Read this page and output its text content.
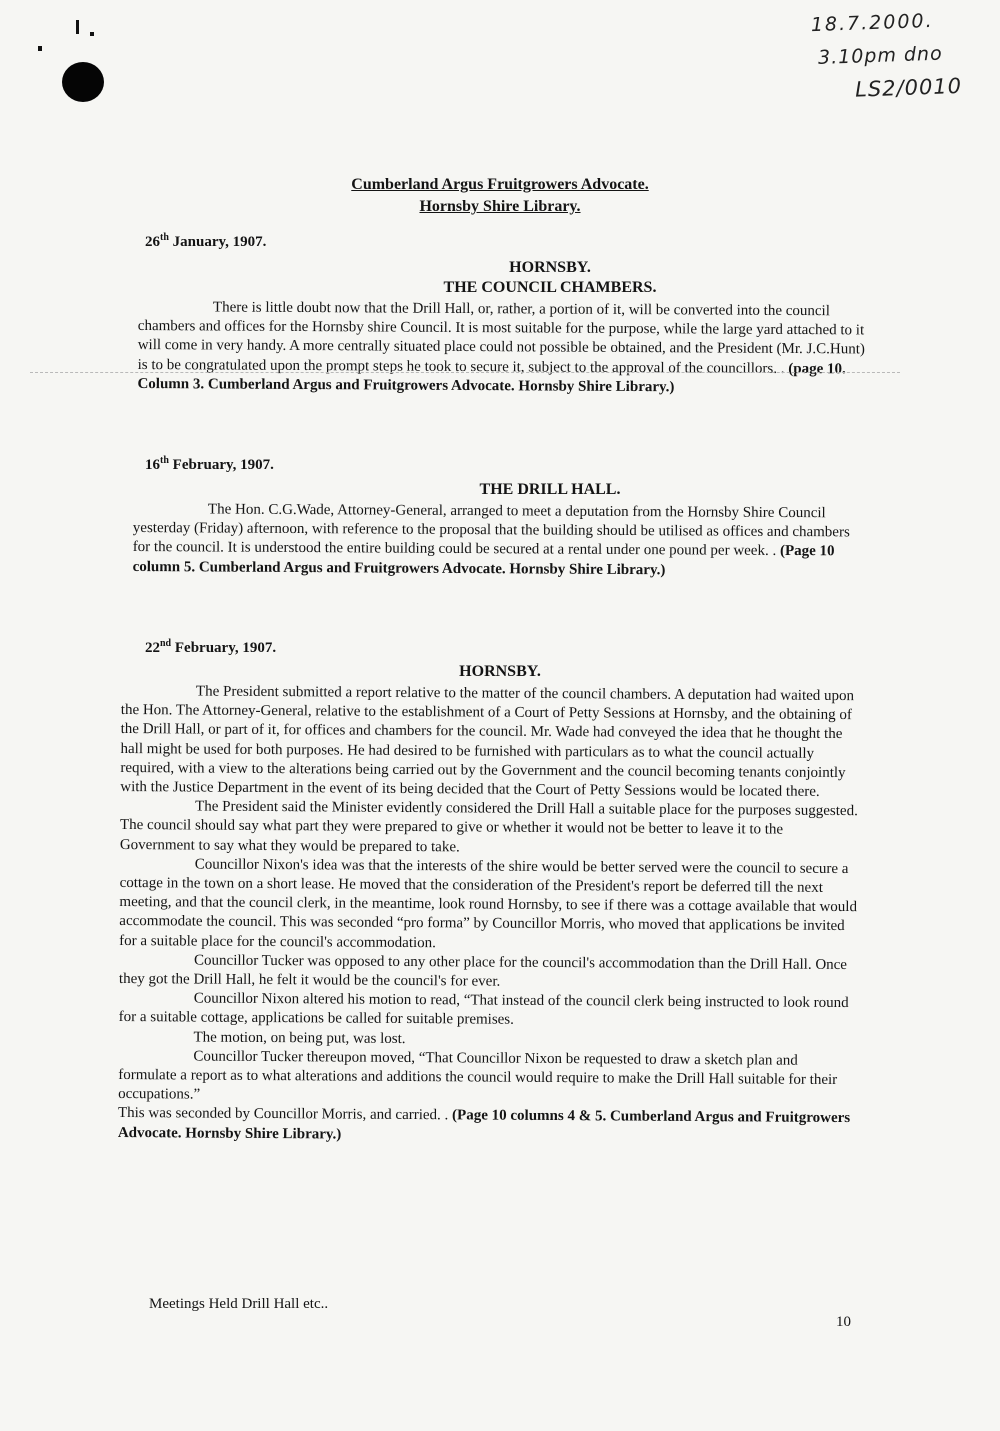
18.7.2000.
3.10pm dno
LS2/0010
Cumberland Argus Fruitgrowers Advocate.
Hornsby Shire Library.
26th January, 1907.
HORNSBY.
THE COUNCIL CHAMBERS.

There is little doubt now that the Drill Hall, or, rather, a portion of it, will be converted into the council chambers and offices for the Hornsby shire Council. It is most suitable for the purpose, while the large yard attached to it will come in very handy. A more centrally situated place could not possible be obtained, and the President (Mr. J.C.Hunt) is to be congratulated upon the prompt steps he took to secure it, subject to the approval of the councillors. . (page 10. Column 3. Cumberland Argus and Fruitgrowers Advocate. Hornsby Shire Library.)

16th February, 1907.
THE DRILL HALL.

The Hon. C.G.Wade, Attorney-General, arranged to meet a deputation from the Hornsby Shire Council yesterday (Friday) afternoon, with reference to the proposal that the building should be utilised as offices and chambers for the council. It is understood the entire building could be secured at a rental under one pound per week. . (Page 10 column 5. Cumberland Argus and Fruitgrowers Advocate. Hornsby Shire Library.)

22nd February, 1907.
HORNSBY.

The President submitted a report relative to the matter of the council chambers. A deputation had waited upon the Hon. The Attorney-General, relative to the establishment of a Court of Petty Sessions at Hornsby, and the obtaining of the Drill Hall, or part of it, for offices and chambers for the council. Mr. Wade had conveyed the idea that he thought the hall might be used for both purposes. He had desired to be furnished with particulars as to what the council actually required, with a view to the alterations being carried out by the Government and the council becoming tenants conjointly with the Justice Department in the event of its being decided that the Court of Petty Sessions would be located there.

The President said the Minister evidently considered the Drill Hall a suitable place for the purposes suggested. The council should say what part they were prepared to give or whether it would not be better to leave it to the Government to say what they would be prepared to take.

Councillor Nixon's idea was that the interests of the shire would be better served were the council to secure a cottage in the town on a short lease. He moved that the consideration of the President's report be deferred till the next meeting, and that the council clerk, in the meantime, look round Hornsby, to see if there was a cottage available that would accommodate the council. This was seconded “pro forma” by Councillor Morris, who moved that applications be invited for a suitable place for the council's accommodation.

Councillor Tucker was opposed to any other place for the council's accommodation than the Drill Hall. Once they got the Drill Hall, he felt it would be the council's for ever.

Councillor Nixon altered his motion to read, “That instead of the council clerk being instructed to look round for a suitable cottage, applications be called for suitable premises.

The motion, on being put, was lost.

Councillor Tucker thereupon moved, “That Councillor Nixon be requested to draw a sketch plan and formulate a report as to what alterations and additions the council would require to make the Drill Hall suitable for their occupations.”

This was seconded by Councillor Morris, and carried. . (Page 10 columns 4 & 5. Cumberland Argus and Fruitgrowers Advocate. Hornsby Shire Library.)

Meetings Held Drill Hall etc..
10
